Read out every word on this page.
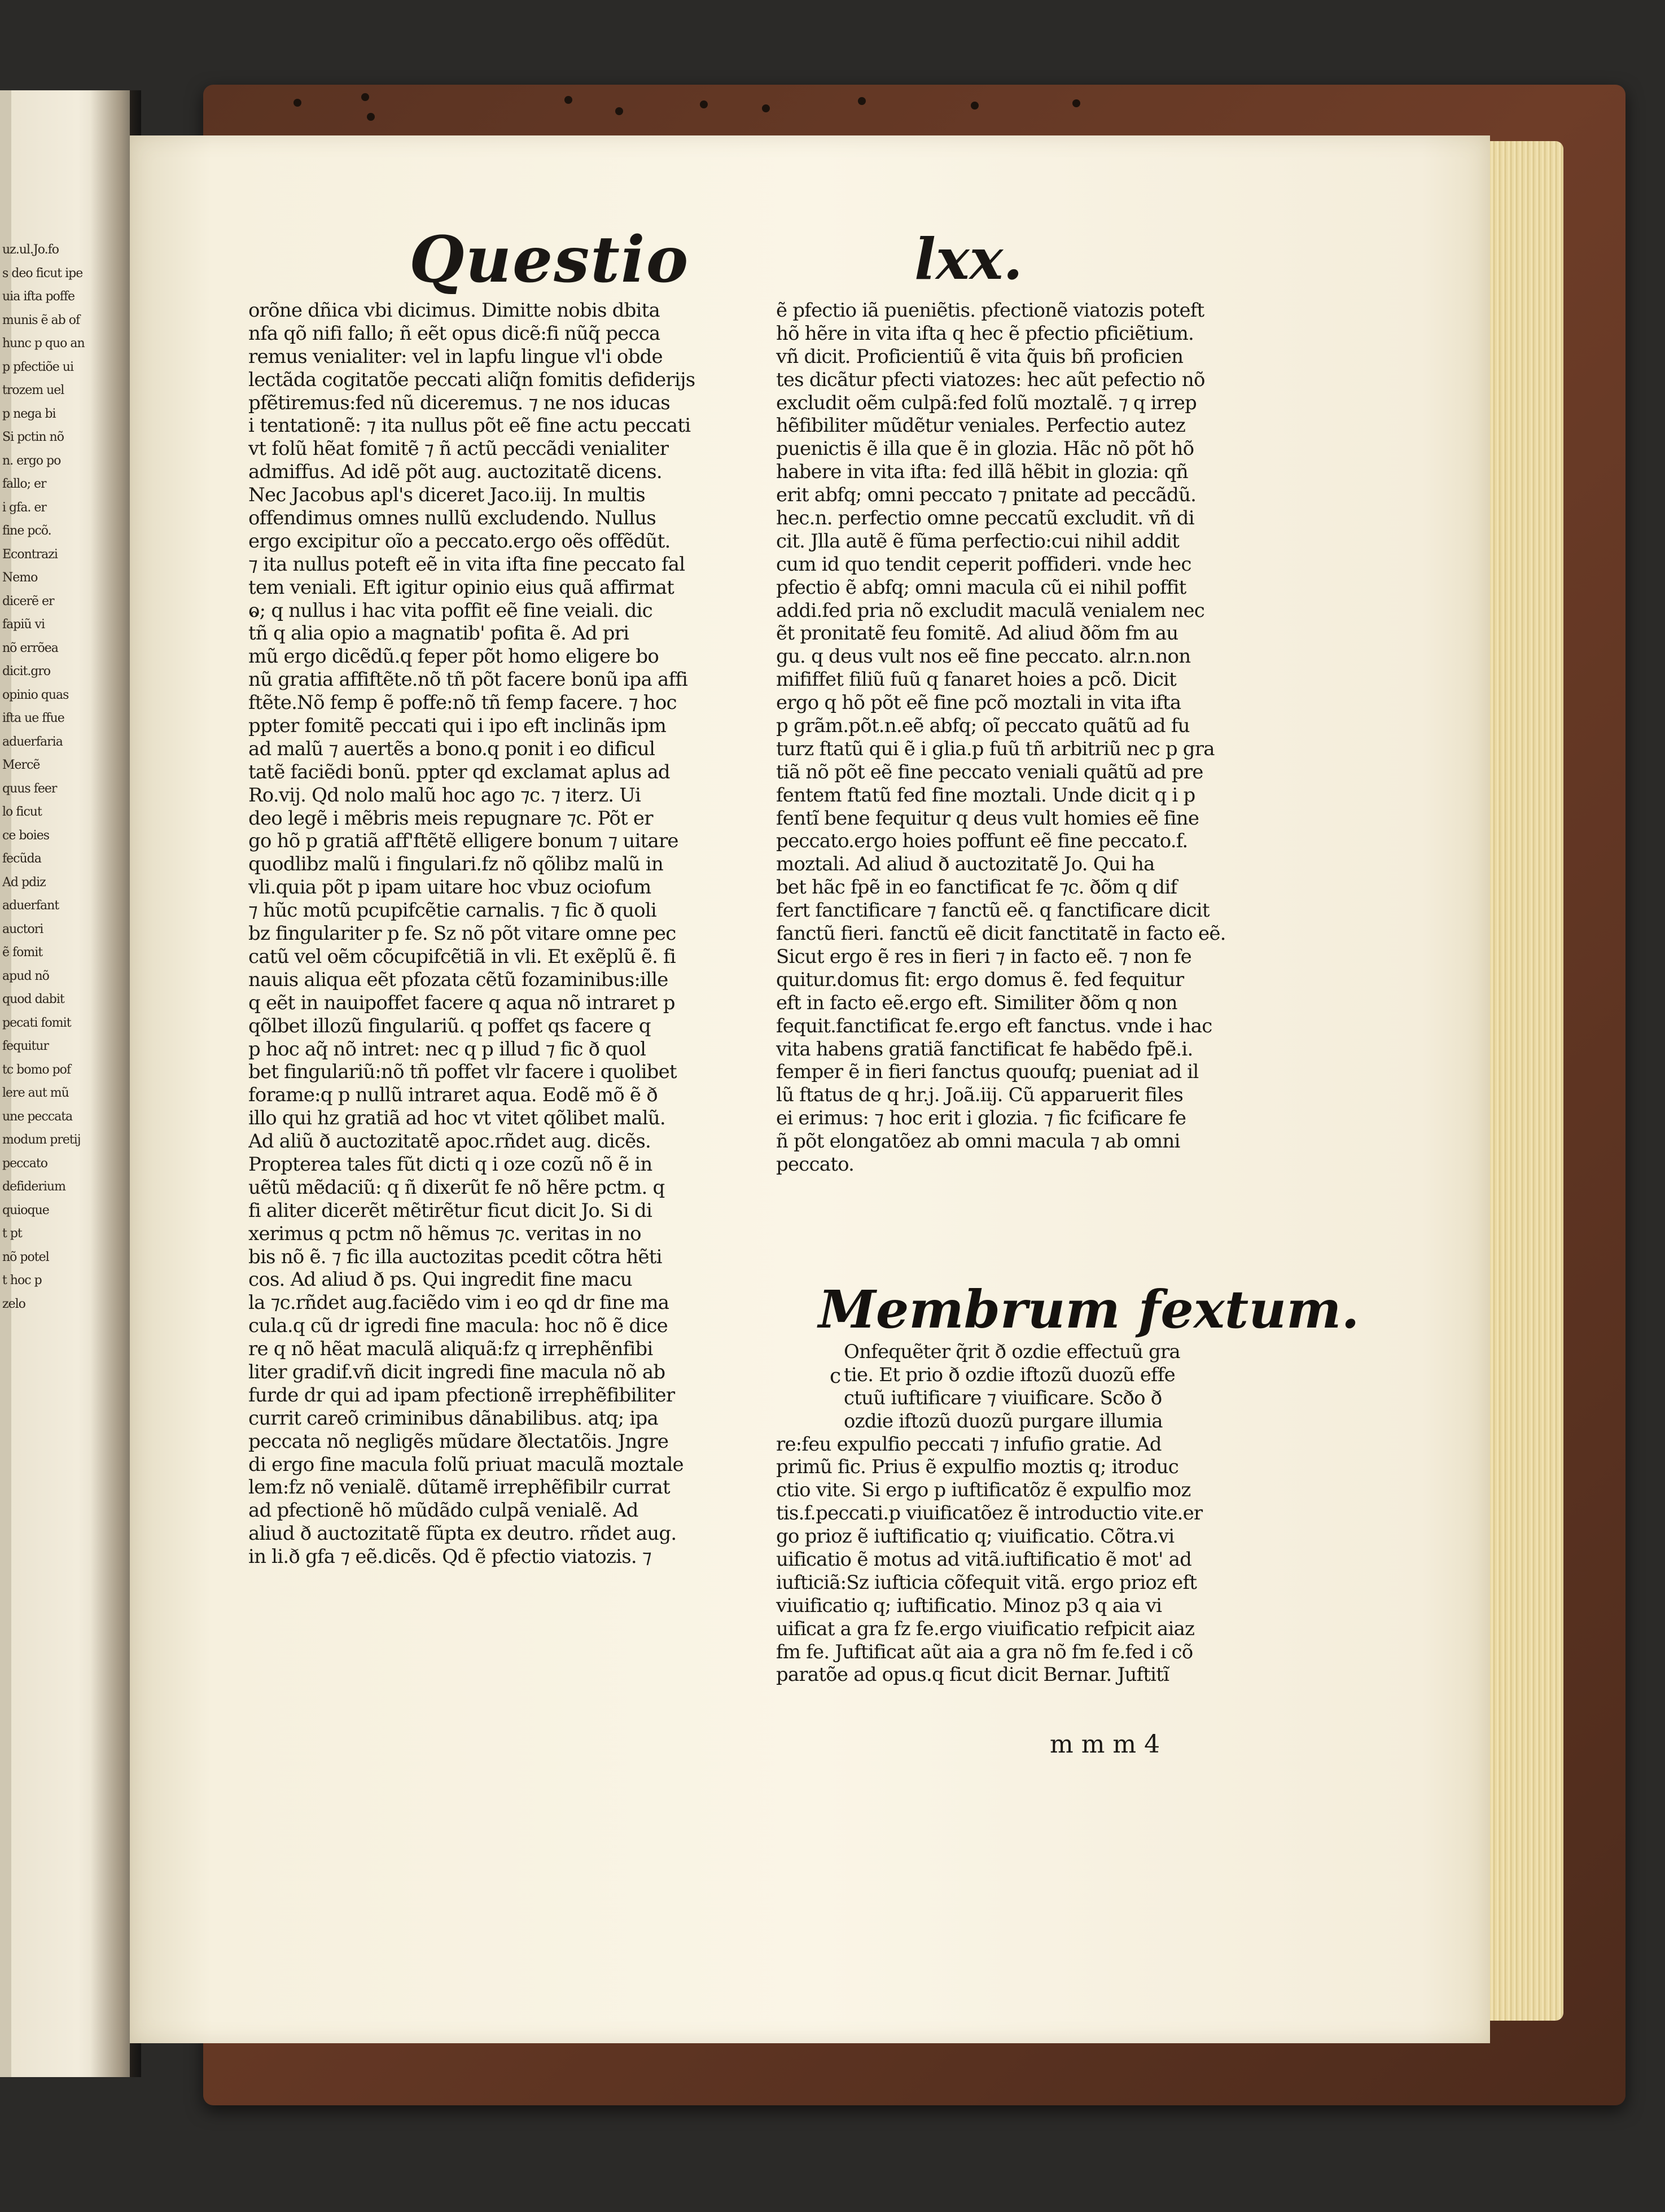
uz.ul.Jo.fo
s deo ficut ipe
uia ifta poffe
munis ẽ ab of
hunc p quo an
p pfectiõe ui
trozem uel
p nega bi
Si pctin nõ
n. ergo po
fallo; er
i gfa. er
fine pcõ.
Econtrazi
Nemo
dicerẽ er
fapiũ vi
nõ errõea
dicit.gro
opinio quas
ifta ue ffue
aduerfaria
Mercẽ
quus feer
lo ficut
ce boies
fecũda
Ad pdiz
aduerfant
auctori
ẽ fomit
apud nõ
quod dabit
pecati fomit
fequitur
tc bomo pof
lere aut mũ
une peccata
modum pretij
peccato
defiderium
quioque
t pt
nõ potel
t hoc p
zelo
Questio	lxx.
orõne dñica vbi dicimus. Dimitte nobis dbita
nfa qõ nifi fallo; ñ eẽt opus dicẽ:fi nũq̃ pecca
remus venialiter: vel in lapfu lingue vl'i obde
lectãda cogitatõe peccati aliq̃n fomitis defiderijs
pfẽtiremus:fed nũ diceremus. ⁊ ne nos iducas
i tentationẽ: ⁊ ita nullus põt eẽ fine actu peccati
vt folũ hẽat fomitẽ ⁊ ñ actũ peccãdi venialiter
admiffus. Ad idẽ põt aug. auctozitatẽ dicens.
Nec Jacobus apl's diceret Jaco.iij. In multis
offendimus omnes nullũ excludendo. Nullus
ergo excipitur oĩo a peccato.ergo oẽs offẽdũt.
⁊ ita nullus poteft eẽ in vita ifta fine peccato fal
tem veniali. Eft igitur opinio eius quã affirmat
ⱺ; q nullus i hac vita poffit eẽ fine veiali. dic
tñ q alia opio a magnatib' pofita ẽ. Ad pri
mũ ergo dicẽdũ.q feper põt homo eligere bo
nũ gratia affiftẽte.nõ tñ põt facere bonũ ipa affi
ftẽte.Nõ femp ẽ poffe:nõ tñ femp facere. ⁊ hoc
ppter fomitẽ peccati qui i ipo eft inclinãs ipm
ad malũ ⁊ auertẽs a bono.q ponit i eo dificul
tatẽ faciẽdi bonũ. ppter qd exclamat aplus ad
Ro.vij. Qd nolo malũ hoc ago ⁊c. ⁊ iterz. Ui
deo legẽ i mẽbris meis repugnare ⁊c. Põt er
go hõ p gratiã aff'ftẽtẽ elligere bonum ⁊ uitare
quodlibz malũ i fingulari.fz nõ qõlibz malũ in
vli.quia põt p ipam uitare hoc vbuz ociofum
⁊ hũc motũ pcupifcẽtie carnalis. ⁊ fic ð quoli
bz fingulariter p fe. Sz nõ põt vitare omne pec
catũ vel oẽm cõcupifcẽtiã in vli. Et exẽplũ ẽ. fi
nauis aliqua eẽt pfozata cẽtũ fozaminibus:ille
q eẽt in nauipoffet facere q aqua nõ intraret p
qõlbet illozũ fingulariũ. q poffet qs facere q
p hoc aq̃ nõ intret: nec q p illud ⁊ fic ð quol
bet fingulariũ:nõ tñ poffet vlr facere i quolibet
forame:q p nullũ intraret aqua. Eodẽ mõ ẽ ð
illo qui hz gratiã ad hoc vt vitet qõlibet malũ.
Ad aliũ ð auctozitatẽ apoc.rñdet aug. dicẽs.
Propterea tales fũt dicti q i oze cozũ nõ ẽ in
uẽtũ mẽdaciũ: q ñ dixerũt fe nõ hẽre pctm. q
fi aliter dicerẽt mẽtirẽtur ficut dicit Jo. Si di
xerimus q pctm nõ hẽmus ⁊c. veritas in no
bis nõ ẽ. ⁊ fic illa auctozitas pcedit cõtra hẽti
cos. Ad aliud ð ps. Qui ingredit fine macu
la ⁊c.rñdet aug.faciẽdo vim i eo qd dr fine ma
cula.q cũ dr igredi fine macula: hoc nõ ẽ dice
re q nõ hẽat maculã aliquã:fz q irrephẽnfibi
liter gradif.vñ dicit ingredi fine macula nõ ab
furde dr qui ad ipam pfectionẽ irrephẽfibiliter
currit careõ criminibus dãnabilibus. atq; ipa
peccata nõ negligẽs mũdare ðlectatõis. Jngre
di ergo fine macula folũ priuat maculã moztale
lem:fz nõ venialẽ. dũtamẽ irrephẽfibilr currat
ad pfectionẽ hõ mũdãdo culpã venialẽ. Ad
aliud ð auctozitatẽ fũpta ex deutro. rñdet aug.
in li.ð gfa ⁊ eẽ.dicẽs. Qd ẽ pfectio viatozis. ⁊
ẽ pfectio iã pueniẽtis. pfectionẽ viatozis poteft
hõ hẽre in vita ifta q hec ẽ pfectio pficiẽtium.
vñ dicit. Proficientiũ ẽ vita q̃uis bñ proficien
tes dicãtur pfecti viatozes: hec aũt pefectio nõ
excludit oẽm culpã:fed folũ moztalẽ. ⁊ q irrep
hẽfibiliter mũdẽtur veniales. Perfectio autez
puenictis ẽ illa que ẽ in glozia. Hãc nõ põt hõ
habere in vita ifta: fed illã hẽbit in glozia: qñ
erit abfq; omni peccato ⁊ pnitate ad peccãdũ.
hec.n. perfectio omne peccatũ excludit. vñ di
cit. Jlla autẽ ẽ fũma perfectio:cui nihil addit
cum id quo tendit ceperit poffideri. vnde hec
pfectio ẽ abfq; omni macula cũ ei nihil poffit
addi.fed pria nõ excludit maculã venialem nec
ẽt pronitatẽ feu fomitẽ. Ad aliud ðõm fm au
gu. q deus vult nos eẽ fine peccato. alr.n.non
mififfet filiũ fuũ q fanaret hoies a pcõ. Dicit
ergo q hõ põt eẽ fine pcõ moztali in vita ifta
p grãm.põt.n.eẽ abfq; oĩ peccato quãtũ ad fu
turz ftatũ qui ẽ i glia.p fuũ tñ arbitriũ nec p gra
tiã nõ põt eẽ fine peccato veniali quãtũ ad pre
fentem ftatũ fed fine moztali. Unde dicit q i p
fentĩ bene fequitur q deus vult homies eẽ fine
peccato.ergo hoies poffunt eẽ fine peccato.f.
moztali. Ad aliud ð auctozitatẽ Jo. Qui ha
bet hãc fpẽ in eo fanctificat fe ⁊c. ðõm q dif
fert fanctificare ⁊ fanctũ eẽ. q fanctificare dicit
fanctũ fieri. fanctũ eẽ dicit fanctitatẽ in facto eẽ.
Sicut ergo ẽ res in fieri ⁊ in facto eẽ. ⁊ non fe
quitur.domus fit: ergo domus ẽ. fed fequitur
eft in facto eẽ.ergo eft. Similiter ðõm q non
fequit.fanctificat fe.ergo eft fanctus. vnde i hac
vita habens gratiã fanctificat fe habẽdo fpẽ.i.
femper ẽ in fieri fanctus quoufq; pueniat ad il
lũ ftatus de q hr.j. Joã.iij. Cũ apparuerit files
ei erimus: ⁊ hoc erit i glozia. ⁊ fic fcificare fe
ñ põt elongatõez ab omni macula ⁊ ab omni
peccato.
Membrum fextum.
c
Onfequẽter q̃rit ð ozdie effectuũ gra
tie. Et prio ð ozdie iftozũ duozũ effe
ctuũ iuftificare ⁊ viuificare. Scðo ð
ozdie iftozũ duozũ purgare illumia
re:feu expulfio peccati ⁊ infufio gratie. Ad
primũ fic. Prius ẽ expulfio moztis q; itroduc
ctio vite. Si ergo p iuftificatõz ẽ expulfio moz
tis.f.peccati.p viuificatõez ẽ introductio vite.er
go prioz ẽ iuftificatio q; viuificatio. Cõtra.vi
uificatio ẽ motus ad vitã.iuftificatio ẽ mot' ad
iufticiã:Sz iufticia cõfequit vitã. ergo prioz eft
viuificatio q; iuftificatio. Minoz p3 q aia vi
uificat a gra fz fe.ergo viuificatio refpicit aiaz
fm fe. Juftificat aũt aia a gra nõ fm fe.fed i cõ
paratõe ad opus.q ficut dicit Bernar. Juftitĩ
m m m 4
